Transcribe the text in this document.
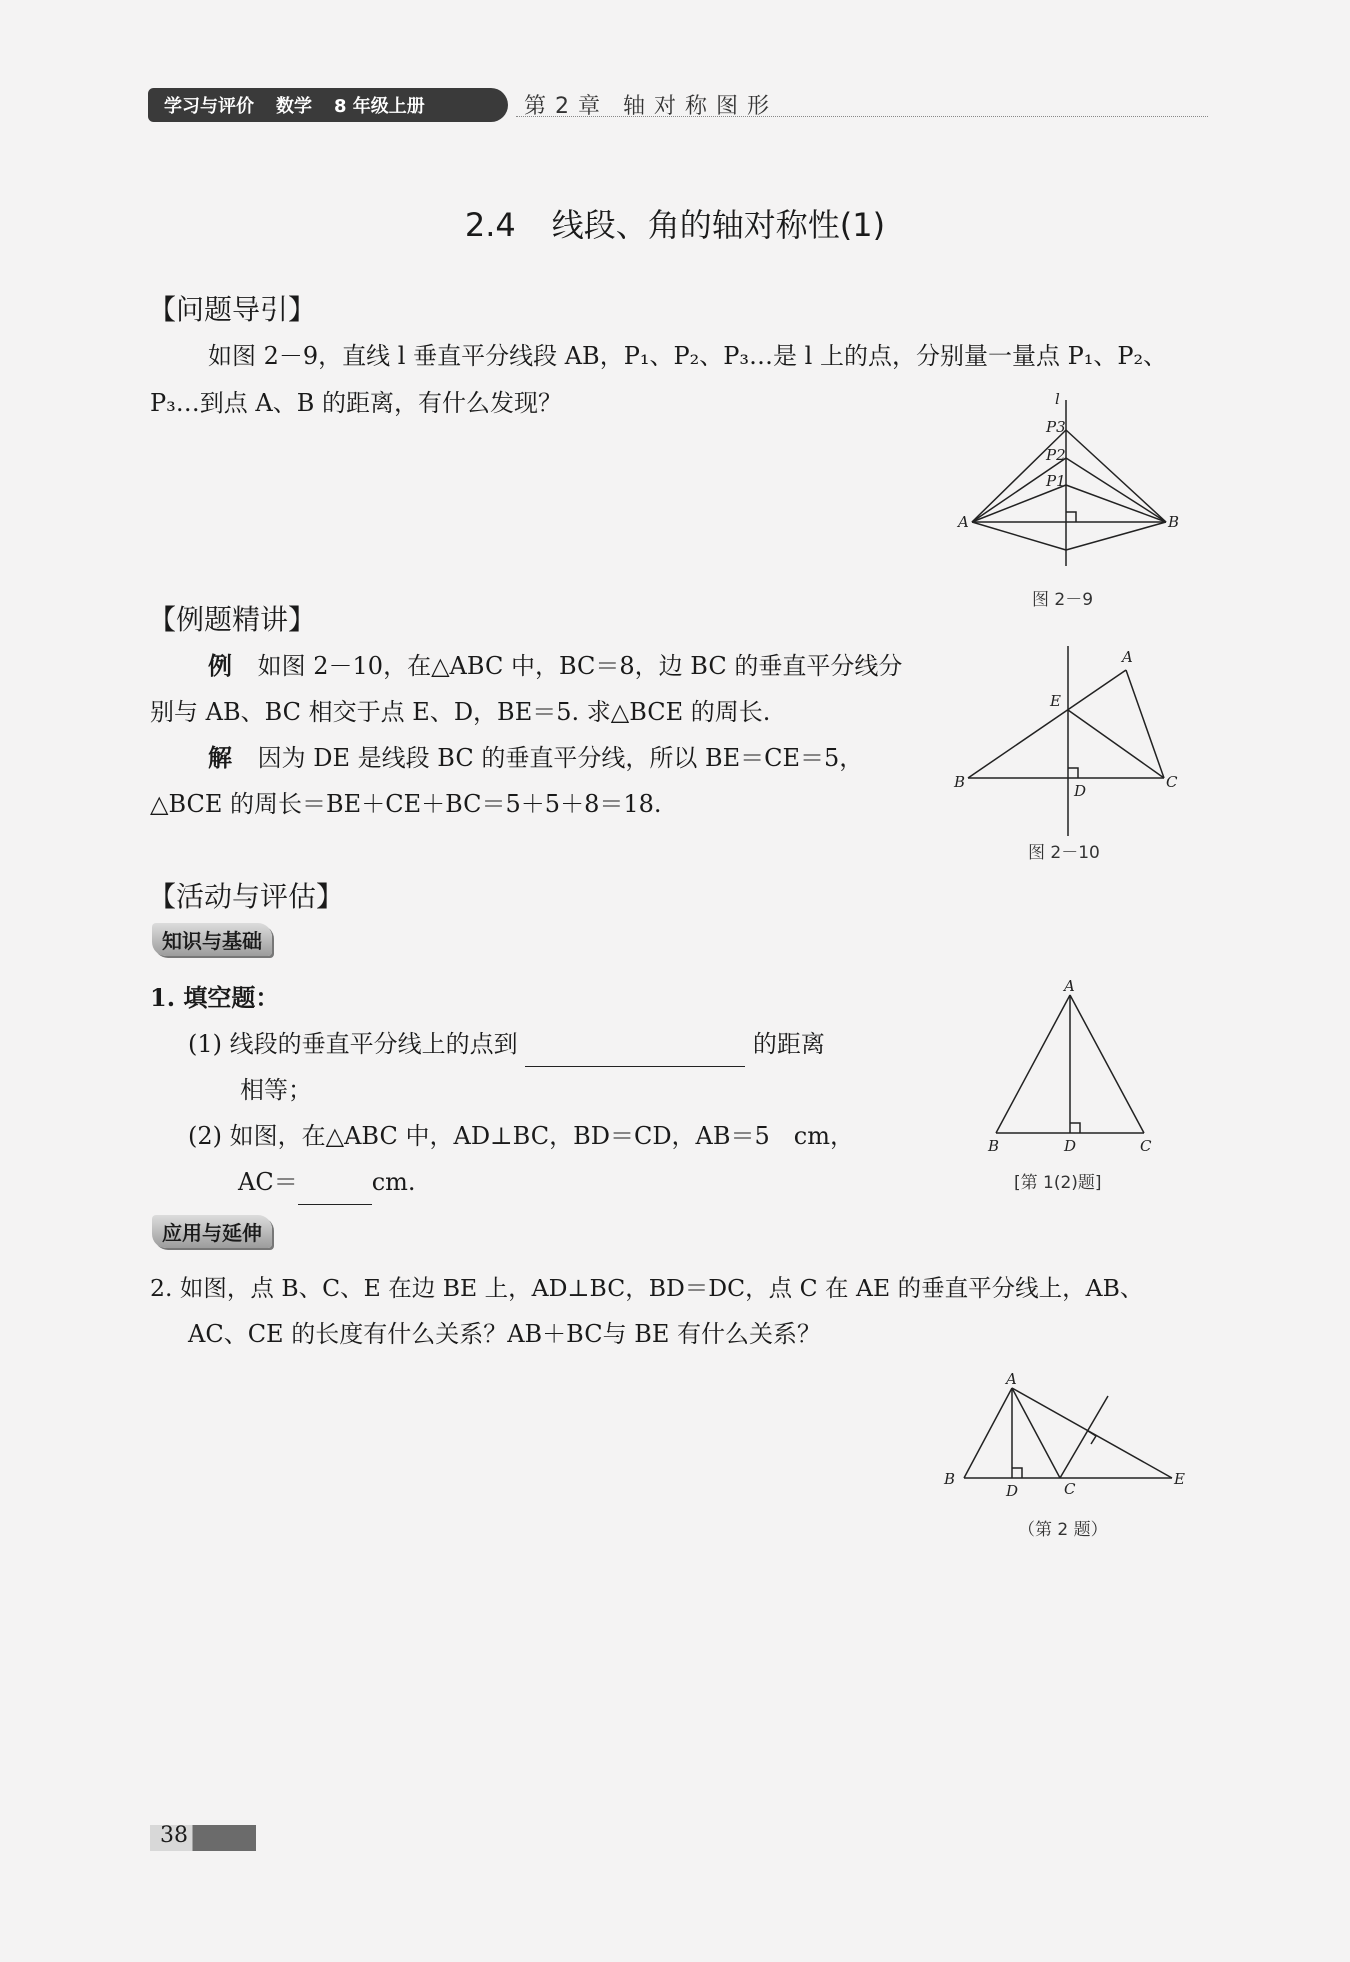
学习与评价 数学 8 年级上册	第 2 章 轴 对 称 图 形
2.4 线段、角的轴对称性(1)
【问题导引】
如图 2－9，直线 l 垂直平分线段 AB，P₁、P₂、P₃…是 l 上的点，分别量一量点 P₁、P₂、
P₃…到点 A、B 的距离，有什么发现？	l
P3
P2
P1
A	B
图 2－9
【例题精讲】
例 如图 2－10，在△ABC 中，BC＝8，边 BC 的垂直平分线分
别与 AB、BC 相交于点 E、D，BE＝5. 求△BCE 的周长.
解 因为 DE 是线段 BC 的垂直平分线，所以 BE＝CE＝5，
△BCE 的周长＝BE＋CE＋BC＝5＋5＋8＝18.
A
E
B	D	C
图 2－10
【活动与评估】
知识与基础
1. 填空题：
(1) 线段的垂直平分线上的点到	的距离
相等；
(2) 如图，在△ABC 中，AD⊥BC，BD＝CD，AB＝5　cm，
AC＝	cm.
A
B	D	C
[第 1(2)题]
应用与延伸
2. 如图，点 B、C、E 在边 BE 上，AD⊥BC，BD＝DC，点 C 在 AE 的垂直平分线上，AB、
AC、CE 的长度有什么关系？AB＋BC与 BE 有什么关系？
A
B
D	C
E
（第 2 题）
38
